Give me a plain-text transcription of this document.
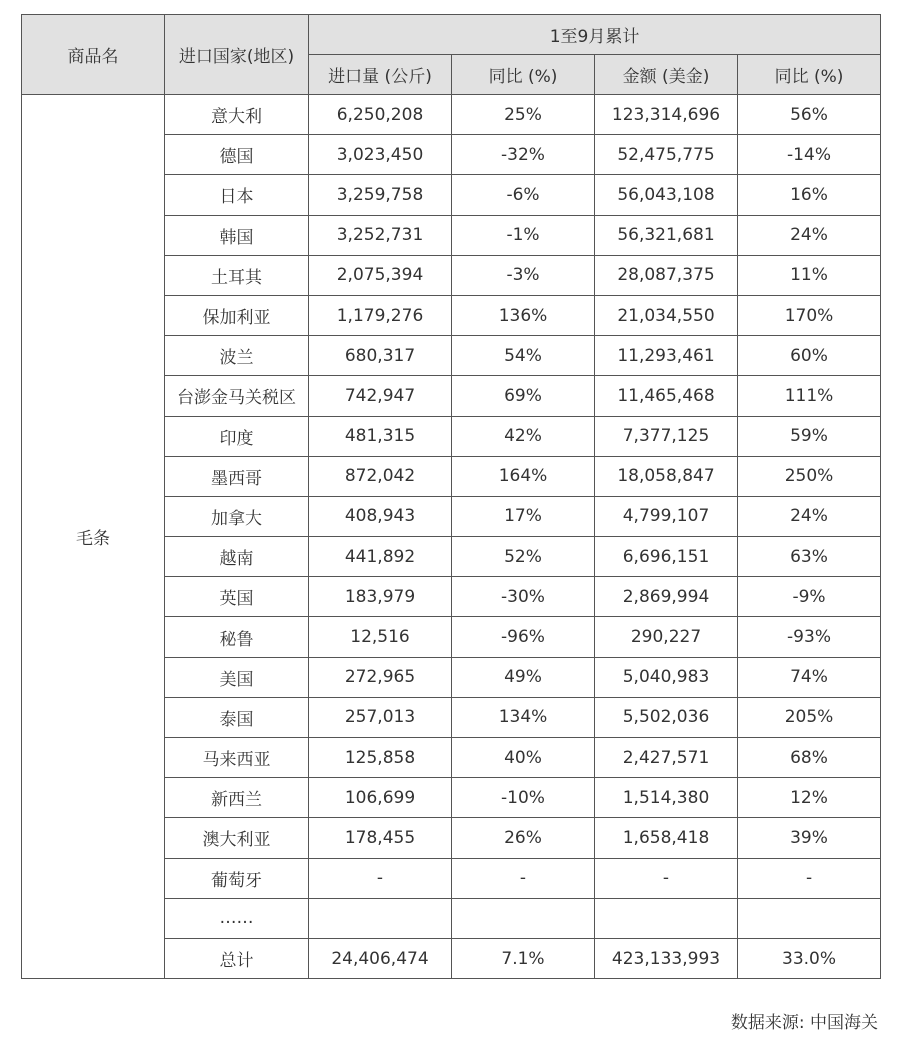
商品名	进口国家(地区)	1至9月累计			
		进口量 (公斤)	同比 (%)	金额 (美金)	同比 (%)
毛条	意大利	6,250,208	25%	123,314,696	56%
	德国	3,023,450	-32%	52,475,775	-14%
	日本	3,259,758	-6%	56,043,108	16%
	韩国	3,252,731	-1%	56,321,681	24%
	土耳其	2,075,394	-3%	28,087,375	11%
	保加利亚	1,179,276	136%	21,034,550	170%
	波兰	680,317	54%	11,293,461	60%
	台澎金马关税区	742,947	69%	11,465,468	111%
	印度	481,315	42%	7,377,125	59%
	墨西哥	872,042	164%	18,058,847	250%
	加拿大	408,943	17%	4,799,107	24%
	越南	441,892	52%	6,696,151	63%
	英国	183,979	-30%	2,869,994	-9%
	秘鲁	12,516	-96%	290,227	-93%
	美国	272,965	49%	5,040,983	74%
	泰国	257,013	134%	5,502,036	205%
	马来西亚	125,858	40%	2,427,571	68%
	新西兰	106,699	-10%	1,514,380	12%
	澳大利亚	178,455	26%	1,658,418	39%
	葡萄牙	-	-	-	-
	……				
	总计	24,406,474	7.1%	423,133,993	33.0%
数据来源: 中国海关
